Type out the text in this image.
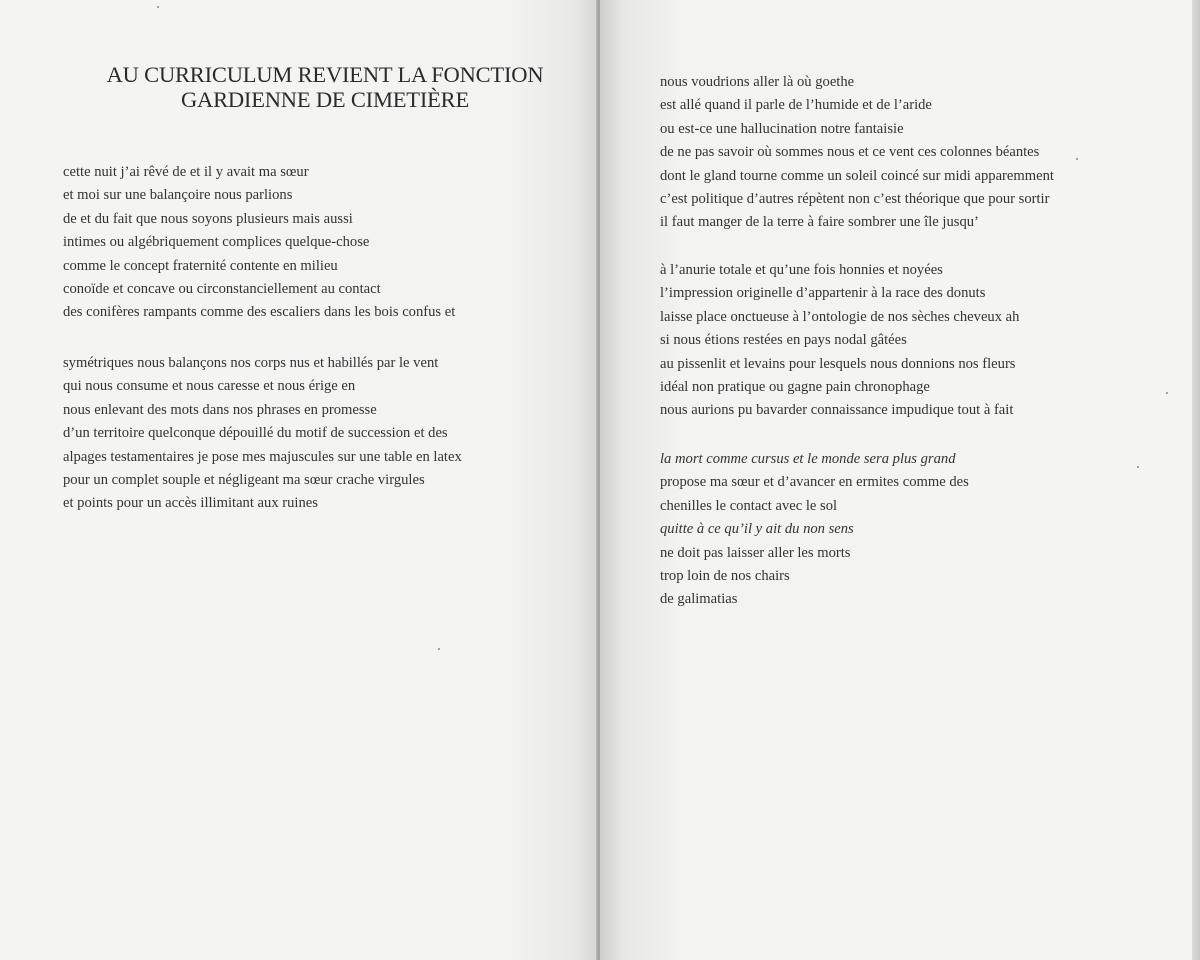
AU CURRICULUM REVIENT LA FONCTION
GARDIENNE DE CIMETIÈRE
cette nuit j’ai rêvé de et il y avait ma sœur
et moi sur une balançoire nous parlions
de et du fait que nous soyons plusieurs mais aussi
intimes ou algébriquement complices quelque-chose
comme le concept fraternité contente en milieu
conoïde et concave ou circonstanciellement au contact
des conifères rampants comme des escaliers dans les bois confus et
symétriques nous balançons nos corps nus et habillés par le vent
qui nous consume et nous caresse et nous érige en
nous enlevant des mots dans nos phrases en promesse
d’un territoire quelconque dépouillé du motif de succession et des
alpages testamentaires je pose mes majuscules sur une table en latex
pour un complet souple et négligeant ma sœur crache virgules
et points pour un accès illimitant aux ruines
nous voudrions aller là où goethe
est allé quand il parle de l’humide et de l’aride
ou est-ce une hallucination notre fantaisie
de ne pas savoir où sommes nous et ce vent ces colonnes béantes
dont le gland tourne comme un soleil coincé sur midi apparemment
c’est politique d’autres répètent non c’est théorique que pour sortir
il faut manger de la terre à faire sombrer une île jusqu’
à l’anurie totale et qu’une fois honnies et noyées
l’impression originelle d’appartenir à la race des donuts
laisse place onctueuse à l’ontologie de nos sèches cheveux ah
si nous étions restées en pays nodal gâtées
au pissenlit et levains pour lesquels nous donnions nos fleurs
idéal non pratique ou gagne pain chronophage
nous aurions pu bavarder connaissance impudique tout à fait
la mort comme cursus et le monde sera plus grand
propose ma sœur et d’avancer en ermites comme des
chenilles le contact avec le sol
quitte à ce qu’il y ait du non sens
ne doit pas laisser aller les morts
trop loin de nos chairs
de galimatias
